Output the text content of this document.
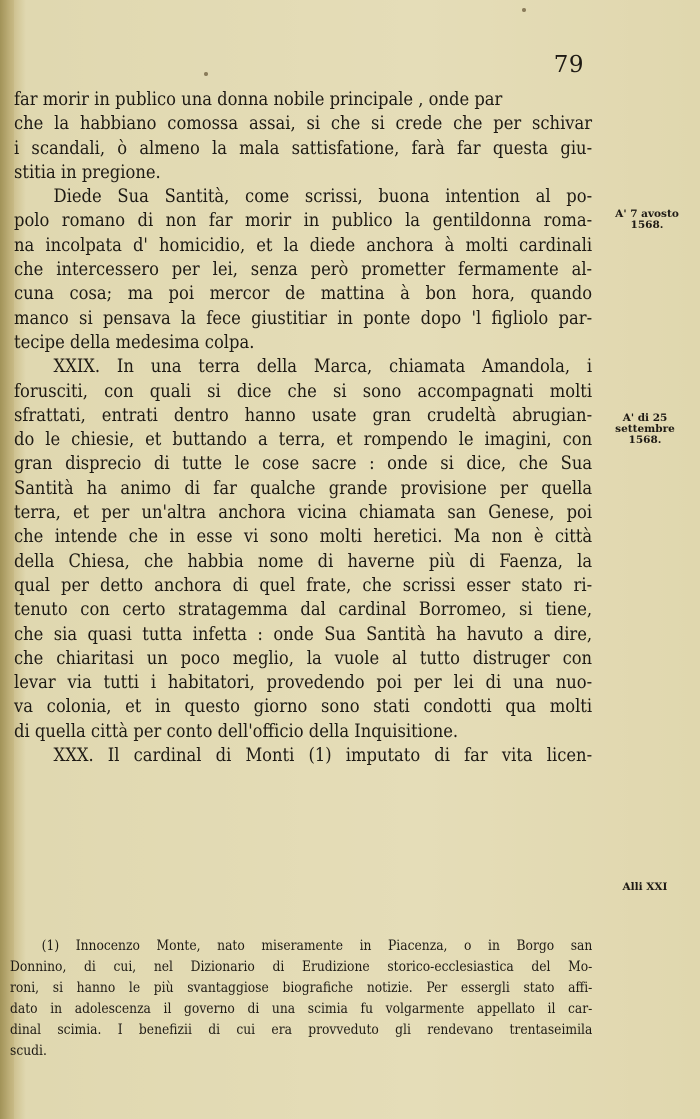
79
far morir in publico una donna nobile principale , onde par
che la habbiano comossa assai, si che si crede che per schivar
i scandali, ò almeno la mala sattisfatione, farà far questa giu-
stitia in pregione.
Diede Sua Santità, come scrissi, buona intention al po-
polo romano di non far morir in publico la gentildonna roma-
na incolpata d' homicidio, et la diede anchora à molti cardinali
che intercessero per lei, senza però prometter fermamente al-
cuna cosa; ma poi mercor de mattina à bon hora, quando
manco si pensava la fece giustitiar in ponte dopo 'l figliolo par-
tecipe della medesima colpa.
XXIX. In una terra della Marca, chiamata Amandola, i
forusciti, con quali si dice che si sono accompagnati molti
sfrattati, entrati dentro hanno usate gran crudeltà abrugian-
do le chiesie, et buttando a terra, et rompendo le imagini, con
gran disprecio di tutte le cose sacre : onde si dice, che Sua
Santità ha animo di far qualche grande provisione per quella
terra, et per un'altra anchora vicina chiamata san Genese, poi
che intende che in esse vi sono molti heretici. Ma non è città
della Chiesa, che habbia nome di haverne più di Faenza, la
qual per detto anchora di quel frate, che scrissi esser stato ri-
tenuto con certo stratagemma dal cardinal Borromeo, si tiene,
che sia quasi tutta infetta : onde Sua Santità ha havuto a dire,
che chiaritasi un poco meglio, la vuole al tutto distruger con
levar via tutti i habitatori, provedendo poi per lei di una nuo-
va colonia, et in questo giorno sono stati condotti qua molti
di quella città per conto dell'officio della Inquisitione.
XXX. Il cardinal di Monti (1) imputato di far vita licen-
A' 7 avosto
1568.
A' di 25
settembre
1568.
Alli XXI
(1) Innocenzo Monte, nato miseramente in Piacenza, o in Borgo san
Donnino, di cui, nel Dizionario di Erudizione storico-ecclesiastica del Mo-
roni, si hanno le più svantaggiose biografiche notizie. Per essergli stato affi-
dato in adolescenza il governo di una scimia fu volgarmente appellato il car-
dinal scimia. I benefizii di cui era provveduto gli rendevano trentaseimila
scudi.
